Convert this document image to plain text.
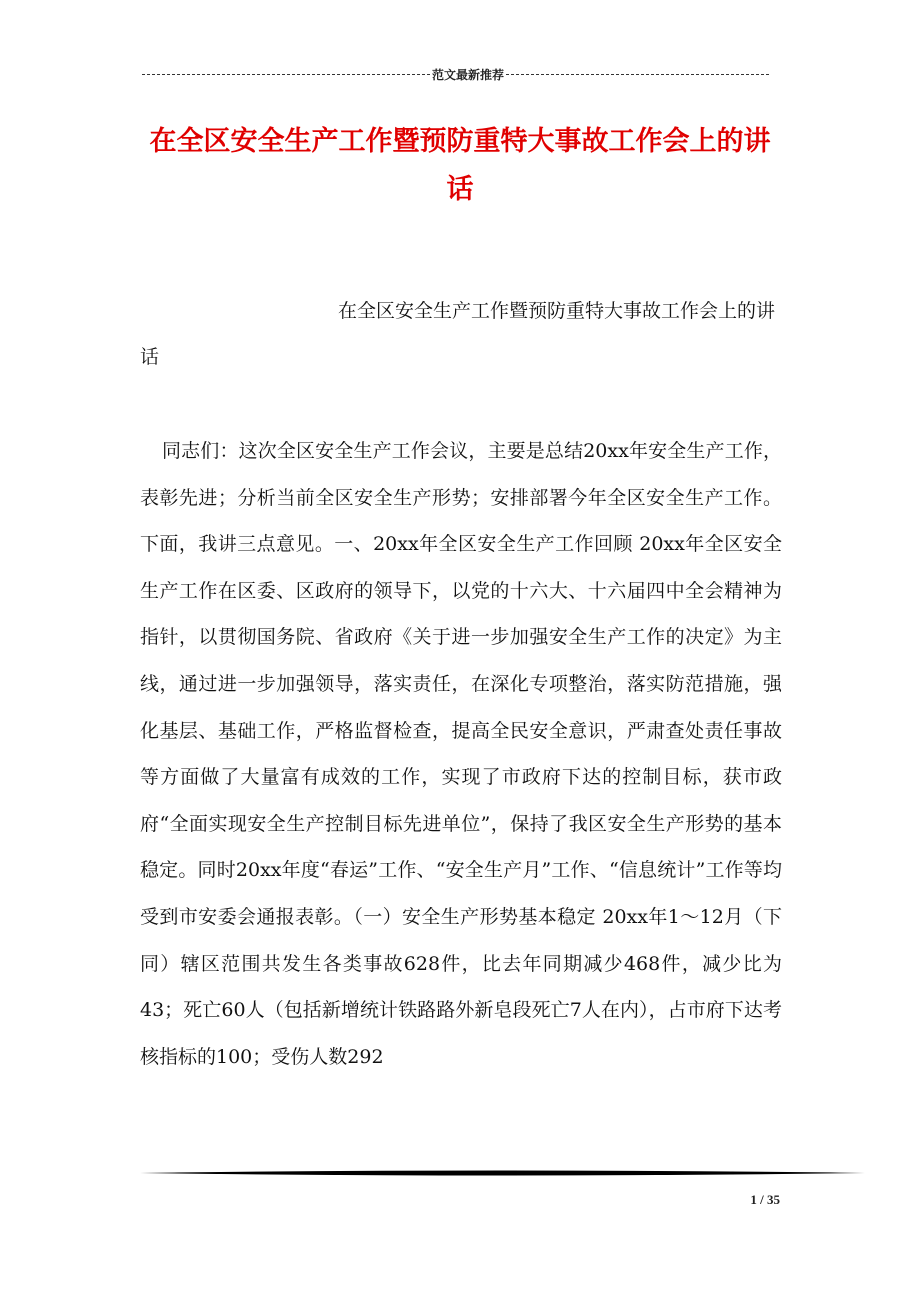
范文最新推荐
在全区安全生产工作暨预防重特大事故工作会上的讲话
在全区安全生产工作暨预防重特大事故工作会上的讲话
同志们：这次全区安全生产工作会议，主要是总结20xx年安全生产工作，表彰先进；分析当前全区安全生产形势；安排部署今年全区安全生产工作。下面，我讲三点意见。一、20xx年全区安全生产工作回顾 20xx年全区安全生产工作在区委、区政府的领导下，以党的十六大、十六届四中全会精神为指针，以贯彻国务院、省政府《关于进一步加强安全生产工作的决定》为主线，通过进一步加强领导，落实责任，在深化专项整治，落实防范措施，强化基层、基础工作，严格监督检查，提高全民安全意识，严肃查处责任事故等方面做了大量富有成效的工作，实现了市政府下达的控制目标，获市政府“全面实现安全生产控制目标先进单位”，保持了我区安全生产形势的基本稳定。同时20xx年度“春运”工作、“安全生产月”工作、“信息统计”工作等均受到市安委会通报表彰。（一）安全生产形势基本稳定 20xx年1～12月（下同）辖区范围共发生各类事故628件，比去年同期减少468件，减少比为43；死亡60人（包括新增统计铁路路外新皂段死亡7人在内），占市府下达考核指标的100；受伤人数292
1 / 35
